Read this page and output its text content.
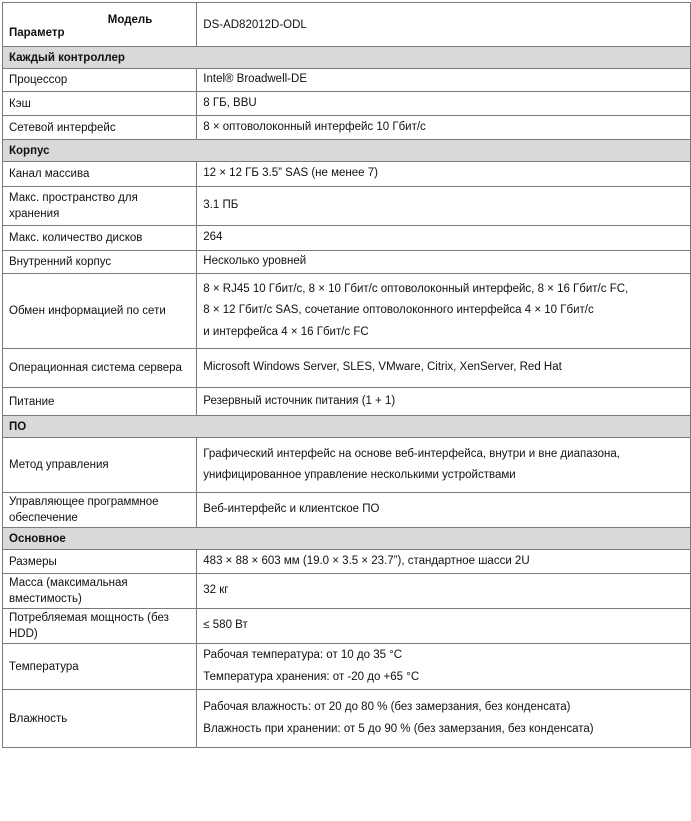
Модель
Параметр	DS-AD82012D-ODL
Каждый контроллер	
Процессор	Intel® Broadwell-DE

Кэш	8 ГБ, BBU

Сетевой интерфейс	8 × оптоволоконный интерфейс 10 Гбит/с

Корпус	
Канал массива	12 × 12 ГБ 3.5” SAS (не менее 7)

Макс. пространство для хранения	3.1 ПБ

Макс. количество дисков	264

Внутренний корпус	Несколько уровней

Обмен информацией по сети	8 × RJ45 10 Гбит/с, 8 × 10 Гбит/с оптоволоконный интерфейс, 8 × 16 Гбит/с FC,
8 × 12 Гбит/с SAS, сочетание оптоволоконного интерфейса 4 × 10 Гбит/с
и интерфейса 4 × 16 Гбит/с FC

Операционная система сервера	Microsoft Windows Server, SLES, VMware, Citrix, XenServer, Red Hat

Питание	Резервный источник питания (1 + 1)

ПО	
Метод управления	Графический интерфейс на основе веб-интерфейса, внутри и вне диапазона,
унифицированное управление несколькими устройствами

Управляющее программное обеспечение	Веб-интерфейс и клиентское ПО

Основное	
Размеры	483 × 88 × 603 мм (19.0 × 3.5 × 23.7”), стандартное шасси 2U

Масса (максимальная вместимость)	32 кг

Потребляемая мощность (без HDD)	≤ 580 Вт

Температура	Рабочая температура: от 10 до 35 °C
Температура хранения: от -20 до +65 °C

Влажность	Рабочая влажность: от 20 до 80 % (без замерзания, без конденсата)
Влажность при хранении: от 5 до 90 % (без замерзания, без конденсата)
